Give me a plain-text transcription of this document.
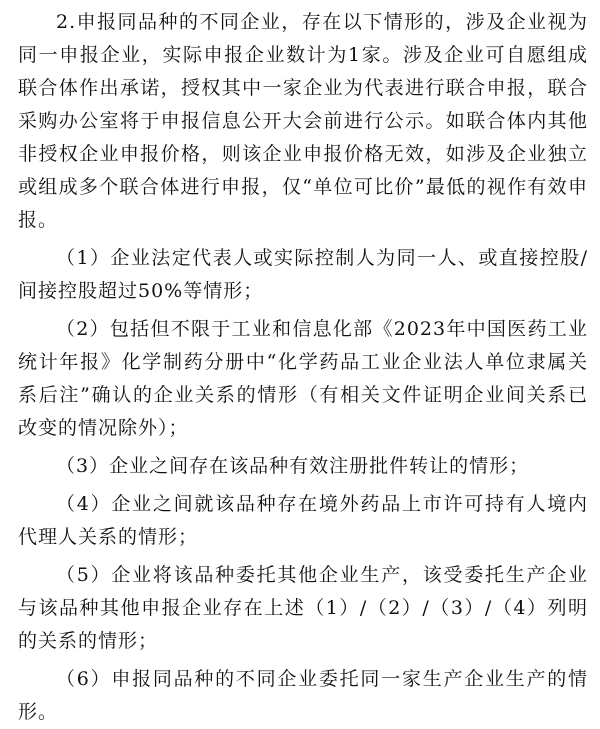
2.申报同品种的不同企业，存在以下情形的，涉及企业视为同一申报企业，实际申报企业数计为1家。涉及企业可自愿组成联合体作出承诺，授权其中一家企业为代表进行联合申报，联合采购办公室将于申报信息公开大会前进行公示。如联合体内其他非授权企业申报价格，则该企业申报价格无效，如涉及企业独立或组成多个联合体进行申报，仅“单位可比价”最低的视作有效申报。

（1）企业法定代表人或实际控制人为同一人、或直接控股/间接控股超过50%等情形；

（2）包括但不限于工业和信息化部《2023年中国医药工业统计年报》化学制药分册中“化学药品工业企业法人单位隶属关系后注”确认的企业关系的情形（有相关文件证明企业间关系已改变的情况除外）；

（3）企业之间存在该品种有效注册批件转让的情形；

（4）企业之间就该品种存在境外药品上市许可持有人境内代理人关系的情形；

（5）企业将该品种委托其他企业生产，该受委托生产企业与该品种其他申报企业存在上述（1）/（2）/（3）/（4）列明的关系的情形；

（6）申报同品种的不同企业委托同一家生产企业生产的情形。
